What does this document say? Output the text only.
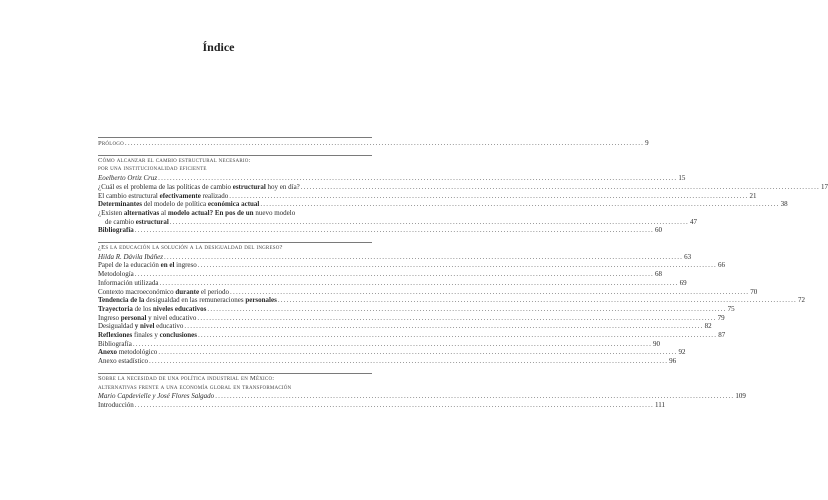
Índice
Prólogo .....	9
Cómo alcanzar el cambio estructural necesario:
por una institucionalidad eficiente
Eoelberto Ortiz Cruz .....	15
¿Cuál es el problema de las políticas de cambio estructural hoy en día? .....	17
El cambio estructural efectivamente realizado .....	21
Determinantes del modelo de política económica actual .....	38
¿Existen alternativas al modelo actual? En pos de un nuevo modelo
de cambio estructural .....	47
Bibliografía .....	60
¿Es la educación la solución a la desigualdad del ingreso?
Hilda R. Dávila Ibáñez .....	63
Papel de la educación en el ingreso .....	66
Metodología .....	68
Información utilizada .....	69
Contexto macroeconómico durante el periodo .....	70
Tendencia de la desigualdad en las remuneraciones personales .....	72
Trayectoria de los niveles educativos .....	75
Ingreso personal y nivel educativo .....	79
Desigualdad y nivel educativo .....	82
Reflexiones finales y conclusiones .....	87
Bibliografía .....	90
Anexo metodológico .....	92
Anexo estadístico .....	96
Sobre la necesidad de una política industrial en México:
alternativas frente a una economía global en transformación
Mario Capdevielle y José Flores Salgado .....	109
Introducción .....	111
